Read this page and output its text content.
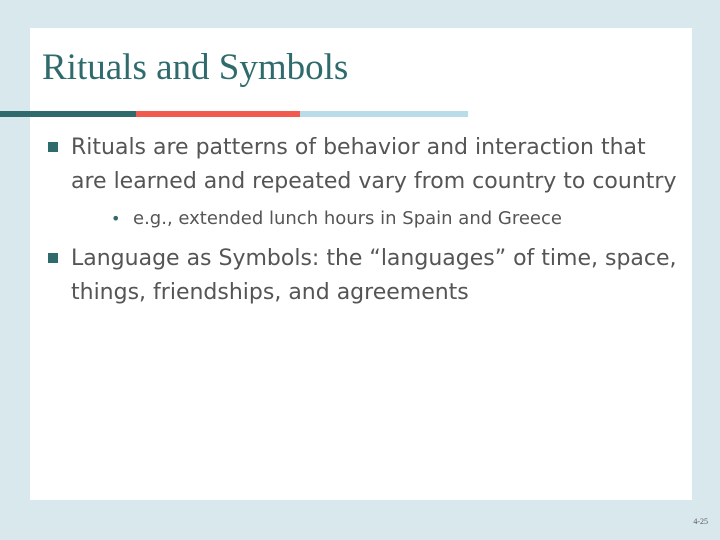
Rituals and Symbols

Rituals are patterns of behavior and interaction that are learned and repeated vary from country to country

• e.g., extended lunch hours in Spain and Greece

Language as Symbols: the “languages” of time, space, things, friendships, and agreements

4-25
